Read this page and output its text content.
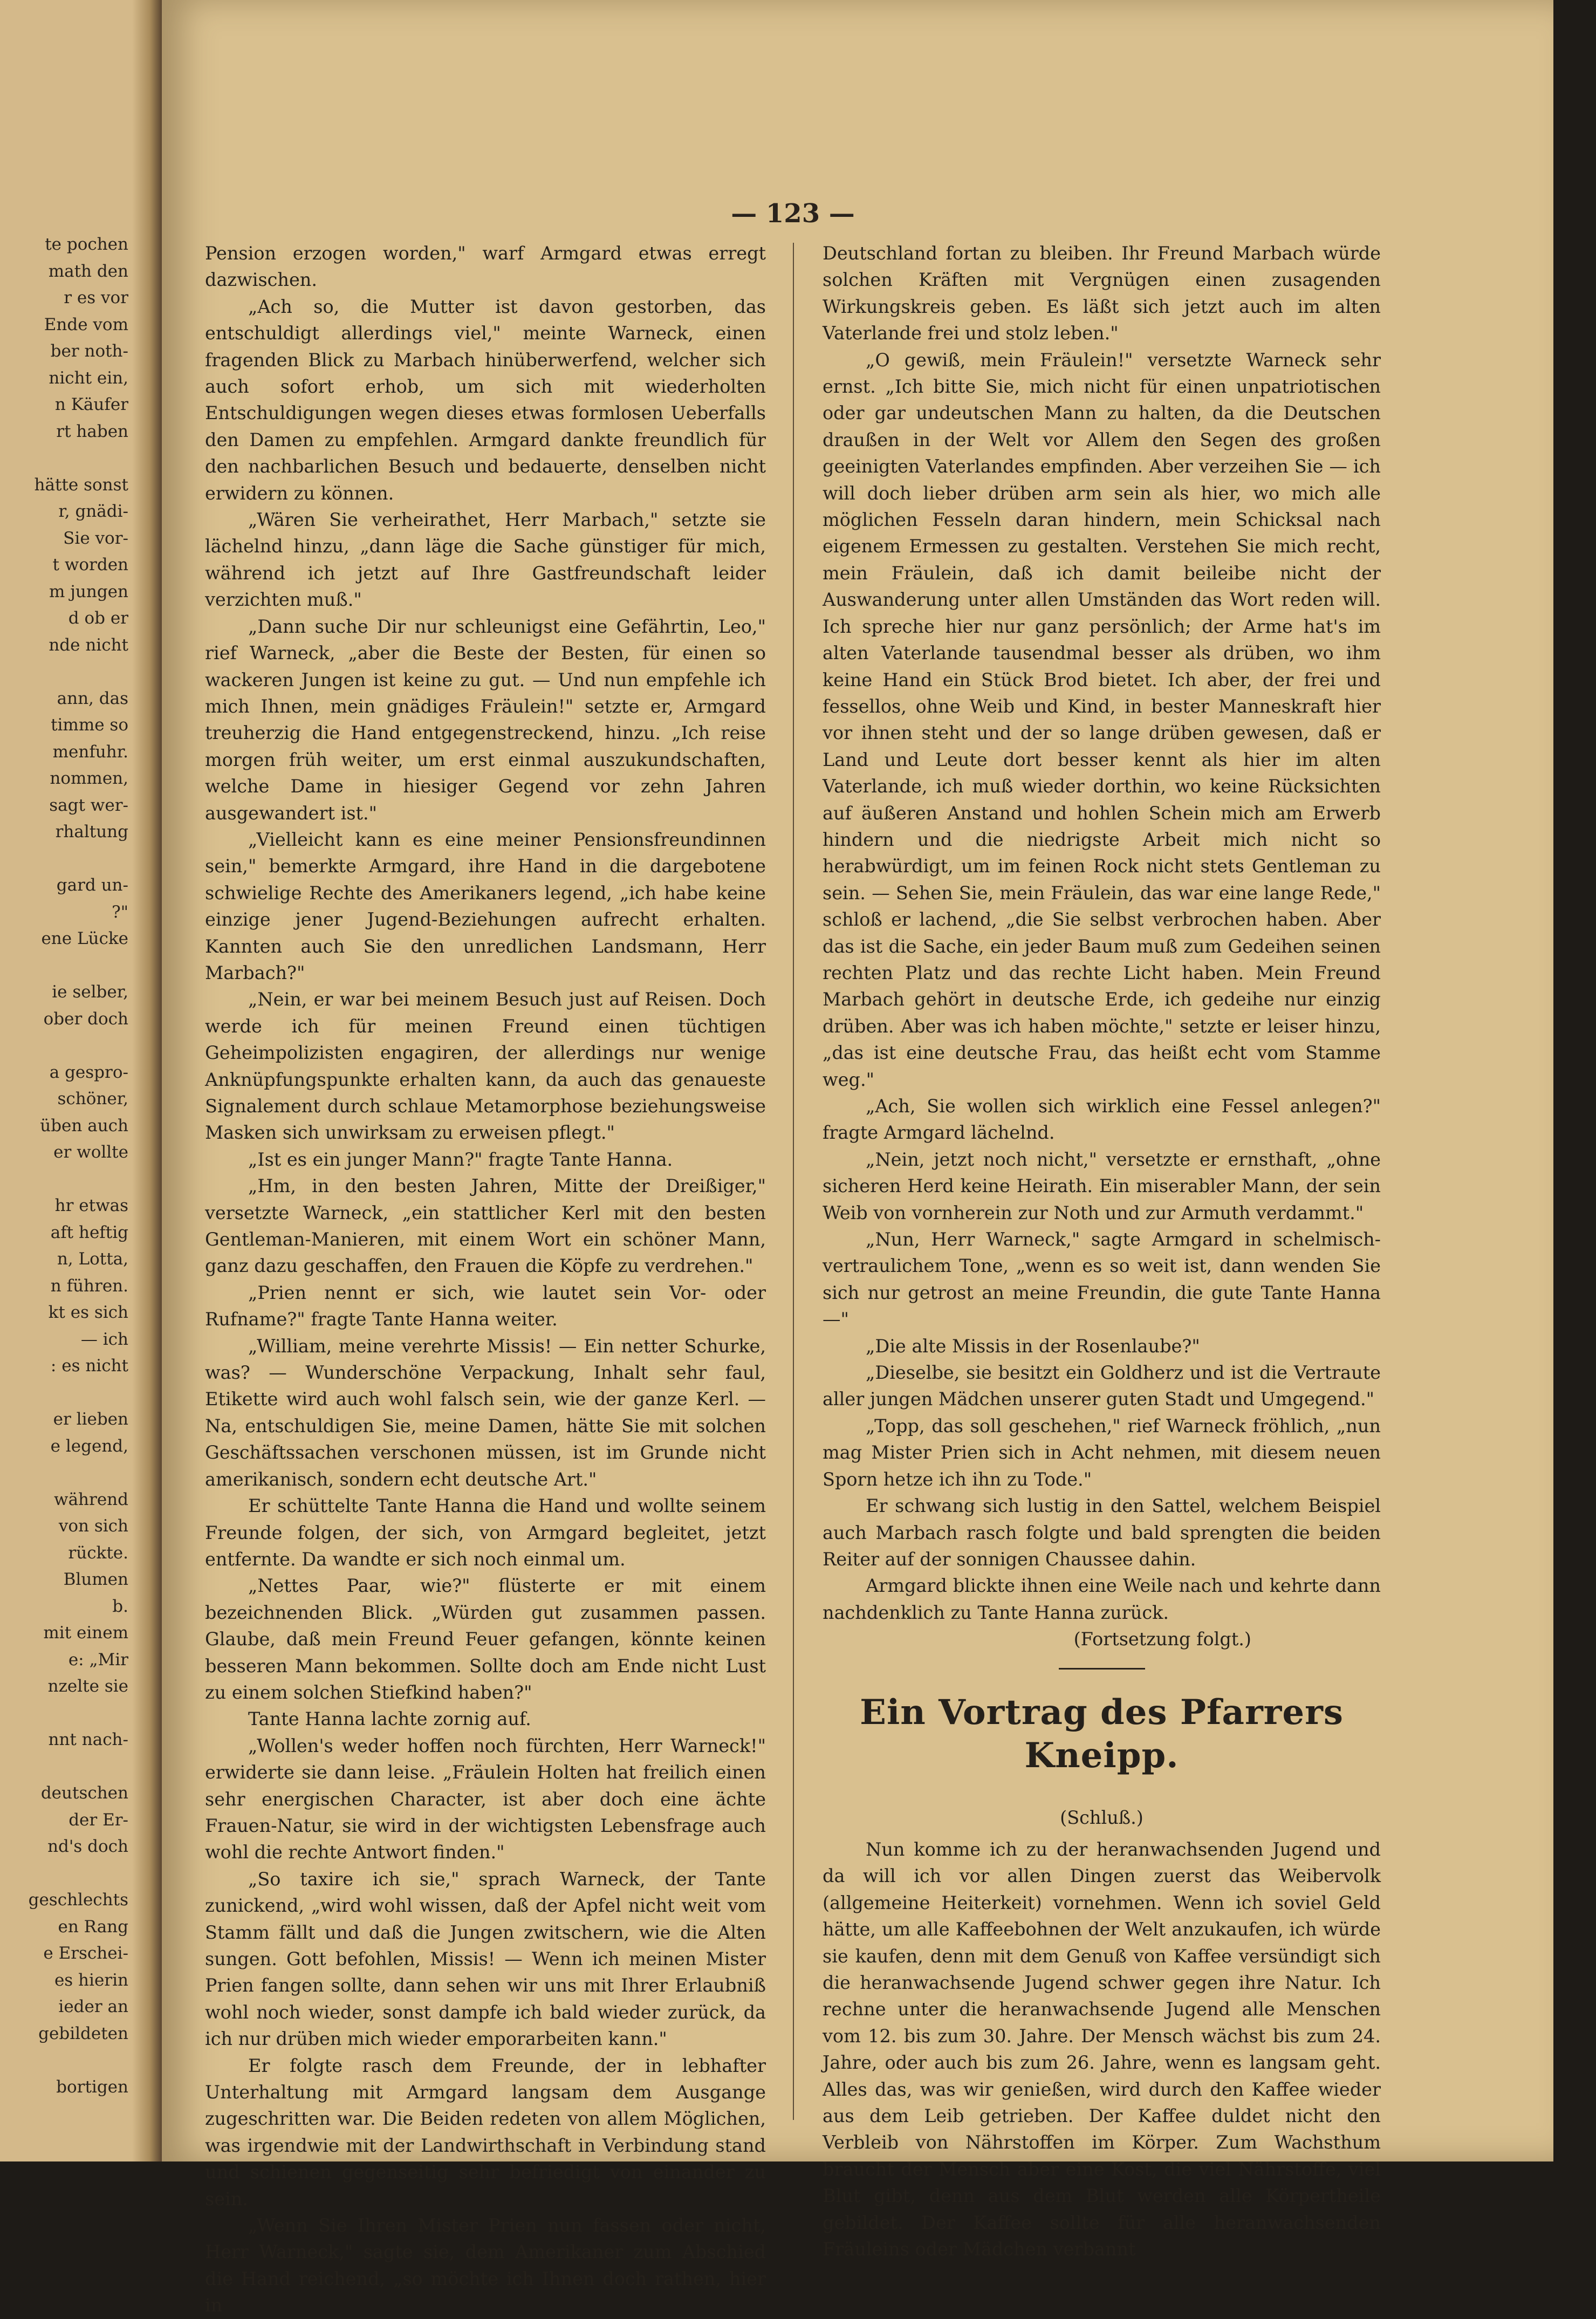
te pochen
math den
r es vor
Ende vom
ber noth-
nicht ein,
n Käufer
rt haben
hätte sonst
r, gnädi-
Sie vor-
t worden
m jungen
d ob er
nde nicht
ann, das
timme so
menfuhr.
nommen,
sagt wer-
rhaltung
gard un-
?"
ene Lücke
ie selber,
ober doch
a gespro-
schöner,
üben auch
er wollte
hr etwas
aft heftig
n, Lotta,
n führen.
kt es sich
— ich
: es nicht
er lieben
e legend,
während
von sich
rückte.
Blumen
b.
mit einem
e: „Mir
nzelte sie
nnt nach-
deutschen
der Er-
nd's doch
geschlechts
en Rang
e Erschei-
es hierin
ieder an
gebildeten
bortigen
— 123 —

Pension erzogen worden," warf Armgard etwas erregt dazwischen.

„Ach so, die Mutter ist davon gestorben, das entschuldigt allerdings viel," meinte Warneck, einen fragenden Blick zu Marbach hinüberwerfend, welcher sich auch sofort erhob, um sich mit wiederholten Entschuldigungen wegen dieses etwas formlosen Ueberfalls den Damen zu empfehlen. Armgard dankte freundlich für den nachbarlichen Besuch und bedauerte, denselben nicht erwidern zu können.

„Wären Sie verheirathet, Herr Marbach," setzte sie lächelnd hinzu, „dann läge die Sache günstiger für mich, während ich jetzt auf Ihre Gastfreundschaft leider verzichten muß."

„Dann suche Dir nur schleunigst eine Gefährtin, Leo," rief Warneck, „aber die Beste der Besten, für einen so wackeren Jungen ist keine zu gut. — Und nun empfehle ich mich Ihnen, mein gnädiges Fräulein!" setzte er, Armgard treuherzig die Hand entgegenstreckend, hinzu. „Ich reise morgen früh weiter, um erst einmal auszukundschaften, welche Dame in hiesiger Gegend vor zehn Jahren ausgewandert ist."

„Vielleicht kann es eine meiner Pensionsfreundinnen sein," bemerkte Armgard, ihre Hand in die dargebotene schwielige Rechte des Amerikaners legend, „ich habe keine einzige jener Jugend-Beziehungen aufrecht erhalten. Kannten auch Sie den unredlichen Landsmann, Herr Marbach?"

„Nein, er war bei meinem Besuch just auf Reisen. Doch werde ich für meinen Freund einen tüchtigen Geheimpolizisten engagiren, der allerdings nur wenige Anknüpfungspunkte erhalten kann, da auch das genaueste Signalement durch schlaue Metamorphose beziehungsweise Masken sich unwirksam zu erweisen pflegt."

„Ist es ein junger Mann?" fragte Tante Hanna.

„Hm, in den besten Jahren, Mitte der Dreißiger," versetzte Warneck, „ein stattlicher Kerl mit den besten Gentleman-Manieren, mit einem Wort ein schöner Mann, ganz dazu geschaffen, den Frauen die Köpfe zu verdrehen."

„Prien nennt er sich, wie lautet sein Vor- oder Rufname?" fragte Tante Hanna weiter.

„William, meine verehrte Missis! — Ein netter Schurke, was? — Wunderschöne Verpackung, Inhalt sehr faul, Etikette wird auch wohl falsch sein, wie der ganze Kerl. — Na, entschuldigen Sie, meine Damen, hätte Sie mit solchen Geschäftssachen verschonen müssen, ist im Grunde nicht amerikanisch, sondern echt deutsche Art."

Er schüttelte Tante Hanna die Hand und wollte seinem Freunde folgen, der sich, von Armgard begleitet, jetzt entfernte. Da wandte er sich noch einmal um.

„Nettes Paar, wie?" flüsterte er mit einem bezeichnenden Blick. „Würden gut zusammen passen. Glaube, daß mein Freund Feuer gefangen, könnte keinen besseren Mann bekommen. Sollte doch am Ende nicht Lust zu einem solchen Stiefkind haben?"

Tante Hanna lachte zornig auf.

„Wollen's weder hoffen noch fürchten, Herr Warneck!" erwiderte sie dann leise. „Fräulein Holten hat freilich einen sehr energischen Character, ist aber doch eine ächte Frauen-Natur, sie wird in der wichtigsten Lebensfrage auch wohl die rechte Antwort finden."

„So taxire ich sie," sprach Warneck, der Tante zunickend, „wird wohl wissen, daß der Apfel nicht weit vom Stamm fällt und daß die Jungen zwitschern, wie die Alten sungen. Gott befohlen, Missis! — Wenn ich meinen Mister Prien fangen sollte, dann sehen wir uns mit Ihrer Erlaubniß wohl noch wieder, sonst dampfe ich bald wieder zurück, da ich nur drüben mich wieder emporarbeiten kann."

Er folgte rasch dem Freunde, der in lebhafter Unterhaltung mit Armgard langsam dem Ausgange zugeschritten war. Die Beiden redeten von allem Möglichen, was irgendwie mit der Landwirthschaft in Verbindung stand und schienen gegenseitig sehr befriedigt von einander zu sein.

„Wenn Sie Ihren Mister Prien nun fassen oder nicht, Herr Warneck," sagte sie, dem Amerikaner zum Abschied die Hand reichend, „so möchte ich Ihnen doch rathen, hier in

Deutschland fortan zu bleiben. Ihr Freund Marbach würde solchen Kräften mit Vergnügen einen zusagenden Wirkungskreis geben. Es läßt sich jetzt auch im alten Vaterlande frei und stolz leben."

„O gewiß, mein Fräulein!" versetzte Warneck sehr ernst. „Ich bitte Sie, mich nicht für einen unpatriotischen oder gar undeutschen Mann zu halten, da die Deutschen draußen in der Welt vor Allem den Segen des großen geeinigten Vaterlandes empfinden. Aber verzeihen Sie — ich will doch lieber drüben arm sein als hier, wo mich alle möglichen Fesseln daran hindern, mein Schicksal nach eigenem Ermessen zu gestalten. Verstehen Sie mich recht, mein Fräulein, daß ich damit beileibe nicht der Auswanderung unter allen Umständen das Wort reden will. Ich spreche hier nur ganz persönlich; der Arme hat's im alten Vaterlande tausendmal besser als drüben, wo ihm keine Hand ein Stück Brod bietet. Ich aber, der frei und fessellos, ohne Weib und Kind, in bester Manneskraft hier vor ihnen steht und der so lange drüben gewesen, daß er Land und Leute dort besser kennt als hier im alten Vaterlande, ich muß wieder dorthin, wo keine Rücksichten auf äußeren Anstand und hohlen Schein mich am Erwerb hindern und die niedrigste Arbeit mich nicht so herabwürdigt, um im feinen Rock nicht stets Gentleman zu sein. — Sehen Sie, mein Fräulein, das war eine lange Rede," schloß er lachend, „die Sie selbst verbrochen haben. Aber das ist die Sache, ein jeder Baum muß zum Gedeihen seinen rechten Platz und das rechte Licht haben. Mein Freund Marbach gehört in deutsche Erde, ich gedeihe nur einzig drüben. Aber was ich haben möchte," setzte er leiser hinzu, „das ist eine deutsche Frau, das heißt echt vom Stamme weg."

„Ach, Sie wollen sich wirklich eine Fessel anlegen?" fragte Armgard lächelnd.

„Nein, jetzt noch nicht," versetzte er ernsthaft, „ohne sicheren Herd keine Heirath. Ein miserabler Mann, der sein Weib von vornherein zur Noth und zur Armuth verdammt."

„Nun, Herr Warneck," sagte Armgard in schelmisch-vertraulichem Tone, „wenn es so weit ist, dann wenden Sie sich nur getrost an meine Freundin, die gute Tante Hanna —"

„Die alte Missis in der Rosenlaube?"

„Dieselbe, sie besitzt ein Goldherz und ist die Vertraute aller jungen Mädchen unserer guten Stadt und Umgegend."

„Topp, das soll geschehen," rief Warneck fröhlich, „nun mag Mister Prien sich in Acht nehmen, mit diesem neuen Sporn hetze ich ihn zu Tode."

Er schwang sich lustig in den Sattel, welchem Beispiel auch Marbach rasch folgte und bald sprengten die beiden Reiter auf der sonnigen Chaussee dahin.

Armgard blickte ihnen eine Weile nach und kehrte dann nachdenklich zu Tante Hanna zurück.

(Fortsetzung folgt.)

Ein Vortrag des Pfarrers Kneipp.
(Schluß.)

Nun komme ich zu der heranwachsenden Jugend und da will ich vor allen Dingen zuerst das Weibervolk (allgemeine Heiterkeit) vornehmen. Wenn ich soviel Geld hätte, um alle Kaffeebohnen der Welt anzukaufen, ich würde sie kaufen, denn mit dem Genuß von Kaffee versündigt sich die heranwachsende Jugend schwer gegen ihre Natur. Ich rechne unter die heranwachsende Jugend alle Menschen vom 12. bis zum 30. Jahre. Der Mensch wächst bis zum 24. Jahre, oder auch bis zum 26. Jahre, wenn es langsam geht. Alles das, was wir genießen, wird durch den Kaffee wieder aus dem Leib getrieben. Der Kaffee duldet nicht den Verbleib von Nährstoffen im Körper. Zum Wachsthum braucht der Mensch aber eine Kost, die viel Nährstoffe, viel Blut gibt, denn aus dem Blut werden alle Körpertheile gebildet. Der Kaffee sollte für alle heranwachsenden Fräuleins oder Mädchen verbannt
